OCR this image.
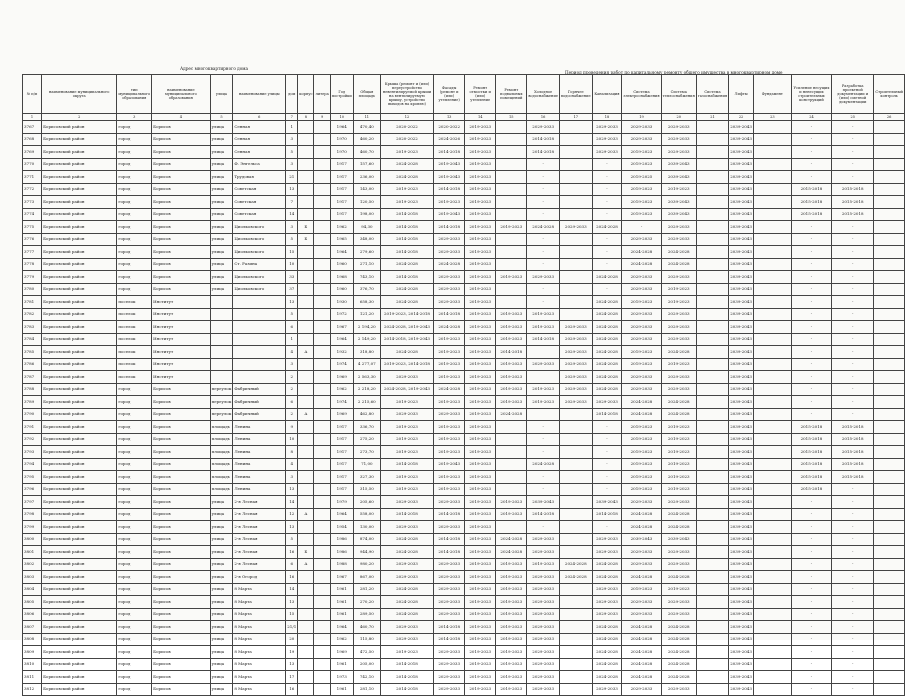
Адрес многоквартирного дома
Период проведения работ по капитальному ремонту общего имущества в многоквартирном доме
№ п/п	наименование муниципального округа	тип муниципального образования	наименование муниципального образования	улица	наименование улицы	дом	корпус	литера	Год постройки	Общая площадь	Крыша (ремонт и (или) переустройство невентилируемой крыши на вентилируемую крышу, устройство выходов на кровлю)	Фасады (ремонт и (или) утепление)	Ремонт отмостки и (или) утепление	Ремонт подвальных помещений	Холодное водоснабжение	Горячее водоснабжение	Канализация	Система электроснабжения	Система теплоснабжения	Система газоснабжения	Лифты	Фундамент	Усиление несущих и ненесущих строительных конструкций	Разработка проектной документации и (или) сметной документации	Строительный контроль
1	2	3	4	5	6	7	8	9	10	11	12	13	14	15	16	17	18	19	20	21	22	23	24	25	26
3767	Борисовский район	город	Борисов	улица	Сенная	1			1964	470,40	2020-2022	2020-2022	2019-2023		2029-2033		2029-2033	2029-2033	2029-2033		2039-2043		-	-	
3768	Борисовский район	город	Борисов	улица	Сенная	3			1970	460,20	2020-2022	2024-2026	2019-2023		2014-2018		2029-2033	2029-2033	2029-2033		2039-2043		-	-	
3769	Борисовский район	город	Борисов	улица	Сенная	5			1970	460,70	2019-2023	2014-2018	2019-2023		2014-2018		2029-2033	2019-2023	2029-2033		2039-2043		-	-	
3770	Борисовский район	город	Борисов	улица	Ф. Энгельса	3			1917	157,60	2024-2028	2019-2043	2019-2023		-		-	2019-2023	2039-2043		2039-2043		-	-	
3771	Борисовский район	город	Борисов	улица	Трудовая	21			1917	236,00	2024-2028	2019-2043	2019-2023		-		-	2019-2025	2039-2043		2039-2043		-	-	
3772	Борисовский район	город	Борисов	улица	Советская	13			1917	143,00	2019-2023	2014-2018	2019-2023		-		-	2019-2023	2019-2023		2039-2043		2015-2018	2015-2018	
3773	Борисовский район	город	Борисов	улица	Советская	7			1917	120,50	2019-2023	2019-2023	2019-2023		-		-	2019-2023	2039-2043		2039-2043		2015-2018	2015-2018	
3774	Борисовский район	город	Борисов	улица	Советская	14			1917	198,00	2014-2018	2019-2043	2019-2023		-		-	2019-2023	2039-2043		2039-2043		2015-2018	2015-2018	
3775	Борисовский район	город	Борисов	улица	Циолковского	3	Б		1962	94,30	2014-2018	2014-2018	2019-2023	2019-2023	2024-2028	2029-2033	2024-2028	-	2029-2033		2039-2043		-	-	
3776	Борисовский район	город	Борисов	улица	Циолковского	5	Б		1965	348,00	2014-2018	2029-2033	2019-2023		-		-	2029-2033	2029-2033		2039-2043		-	-	
3777	Борисовский район	город	Борисов	улица	Циолковского	15			1964	279,60	2014-2018	2029-2033	2019-2023		-		-	2024-2028	2024-2028		2039-2043		-	-	
3778	Борисовский район	город	Борисов	улица	Ст. Разина	10			1960	271,10	2024-2028	2024-2028	2019-2023		-		-	2024-2028	2024-2028		2039-2043		-	-	
3779	Борисовский район	город	Борисов	улица	Циолковского	33			1968	743,10	2014-2018	2029-2033	2019-2023	2019-2023	2029-2033		2024-2028	2029-2033	2029-2033		2039-2043		-	-	
3780	Борисовский район	город	Борисов	улица	Циолковского	37			1960	376,70	2024-2028	2029-2033	2019-2023		-		-	2029-2033	2019-2023		2039-2043		-	-	
3781	Борисовский район	поселок	Институт			13			1930	658,30	2024-2028	2029-2033	2019-2023		-		2024-2028	2019-2023	2019-2023		2039-2043		-	-	
3782	Борисовский район	поселок	Институт			5			1972	121,20	2019-2023, 2014-2018	2014-2018	2019-2023	2019-2023	2019-2023		2024-2028	2029-2033	2029-2033		2039-2043		-	-	
3783	Борисовский район	поселок	Институт			6			1967	2 194,20	2024-2028, 2019-2043	2024-2028	2019-2023	2019-2023	2019-2023	2029-2033	2024-2028	2029-2033	2029-2033		2039-2043		-	-	
3784	Борисовский район	поселок	Институт			1			1964	2 149,20	2014-2018, 2019-2043	2019-2023	2019-2023	2019-2023	2014-2018	2029-2033	2024-2028	2029-2033	2029-2033		2039-2043		-	-	
3785	Борисовский район	поселок	Институт			4	А		1932	318,80	2024-2028	2019-2023	2019-2023	2014-2018		2029-2033	2024-2028	2019-2023	2024-2028		2039-2043		-	-	
3786	Борисовский район	поселок	Институт			3			1974	4 277,07	2019-2023, 2014-2018	2019-2023	2019-2023	2019-2023	2029-2033	2029-2033	2024-2028	2019-2023	2019-2023		2039-2043		-	-	
3787	Борисовский район	поселок	Институт			2			1969	2 563,30	2029-2033	2019-2023	2019-2023	2019-2023		2029-2033	2024-2028	2029-2033	2029-2033		2039-2043		-	-	
3788	Борисовский район	город	Борисов	переулок	Фабричный	2			1962	2 218,20	2024-2028, 2019-2043	2024-2028	2019-2023	2019-2023	2019-2023	2029-2033	2024-2028	2029-2033	2029-2033		2039-2043		-	-	
3789	Борисовский район	город	Борисов	переулок	Фабричный	6			1974	2 215,60	2019-2023	2019-2023	2019-2023	2019-2023	2019-2023	2029-2033	2029-2033	2024-2028	2024-2028		2039-2043		-	-	
3790	Борисовский район	город	Борисов	переулок	Фабричный	2	А		1969	462,80	2029-2033	2029-2033	2019-2023	2024-2028			2014-2018	2024-2028	2024-2028		2039-2043		-	-	
3791	Борисовский район	город	Борисов	площадь	Ленина	9			1917	336,70	2019-2023	2019-2023	2019-2023		-		-	2019-2023	2019-2023		2039-2043		2015-2018	2015-2018	
3792	Борисовский район	город	Борисов	площадь	Ленина	10			1917	275,20	2019-2023	2019-2023	2019-2023		-		-	2019-2023	2019-2023		2039-2043		2015-2018	2015-2018	
3793	Борисовский район	город	Борисов	площадь	Ленина	8			1917	273,70	2019-2023	2019-2023	2019-2023		-		-	2019-2023	2019-2023		2039-2043		2015-2018	2015-2018	
3794	Борисовский район	город	Борисов	площадь	Ленина	4			1917	71,00	2014-2018	2019-2043	2019-2023		2024-2028		-	2019-2023	2019-2023		2039-2043		2015-2018	2015-2018	
3795	Борисовский район	город	Борисов	площадь	Ленина	3			1917	327,30	2019-2023	2019-2023	2019-2023		-		-	2019-2023	2019-2023		2039-2043		2015-2018	2015-2018	
3796	Борисовский район	город	Борисов	площадь	Ленина	13			1917	315,50	2019-2023	2019-2023	2019-2023		-		-	2019-2023	2019-2023		2039-2043		2015-2018	-	
3797	Борисовский район	город	Борисов	улица	2-я Лесная	14			1979	205,60	2029-2033	2029-2033	2019-2023	2019-2023	2039-2043		2039-2043	2029-2033	2029-2033		2039-2043		-	-	
3798	Борисовский район	город	Борисов	улица	2-я Лесная	12	А		1964	558,00	2014-2018	2014-2018	2019-2023	2019-2023	2014-2018		2014-2018	2024-2028	2024-2028		2039-2043		-	-	
3799	Борисовский район	город	Борисов	улица	2-я Лесная	13			1954	130,00	2029-2033	2029-2033	2019-2023		-		-	2024-2028	2024-2028		2039-2043		-	-	
3800	Борисовский район	город	Борисов	улица	2-я Лесная	5			1986	874,00	2024-2028	2014-2018	2019-2023	2024-2028	2029-2033		2029-2033	2039-2043	2039-2043		2039-2043		-	-	
3801	Борисовский район	город	Борисов	улица	2-я Лесная	16	Б		1986	944,90	2024-2028	2014-2018	2019-2023	2024-2028	2029-2033		2029-2033	2029-2033	2029-2033		2039-2043		-	-	
3802	Борисовский район	город	Борисов	улица	2-я Лесная	6	А		1988	980,20	2029-2033	2029-2033	2019-2023	2019-2023	2019-2023	2024-2028	2024-2028	2029-2033	2029-2033		2039-2043		-	-	
3803	Борисовский район	город	Борисов	улица	2-я Огород	16			1967	867,00	2029-2033	2029-2033	2019-2023	2019-2023	2029-2033	2024-2028	2024-2028	2024-2028	2024-2028		2039-2043		-	-	
3804	Борисовский район	город	Борисов	улица	8 Марта	14			1961	281,20	2024-2028	2029-2033	2019-2023	2019-2023	2029-2033		2029-2033	2019-2023	2019-2023		2039-2043		-	-	
3805	Борисовский район	город	Борисов	улица	8 Марта	13			1961	270,20	2024-2028	2029-2033	2019-2023	2019-2023	2029-2033		2029-2033	2029-2033	2029-2033		2039-2043		-	-	
3806	Борисовский район	город	Борисов	улица	8 Марта	15			1961	289,50	2024-2028	2029-2033	2019-2023	2019-2023	2029-2033		2029-2033	2029-2033	2029-2033		2039-2043		-	-	
3807	Борисовский район	город	Борисов	улица	8 Марта	21/1			1964	460,70	2029-2033	2014-2018	2019-2023	2019-2023	2029-2033		2024-2028	2024-2028	2024-2028		2039-2043		-	-	
3808	Борисовский район	город	Борисов	улица	8 Марта	20			1962	115,80	2029-2033	2014-2018	2019-2023	2019-2023	2029-2033		2024-2028	2024-2028	2024-2028		2039-2043		-	-	
3809	Борисовский район	город	Борисов	улица	8 Марта	19			1969	472,50	2019-2023	2029-2033	2019-2023	2019-2023	2029-2033		2024-2028	2024-2028	2024-2028		2039-2043		-	-	
3810	Борисовский район	город	Борисов	улица	8 Марта	13			1961	205,00	2014-2018	2029-2033	2019-2023	2019-2023	2029-2033		2024-2028	2024-2028	2024-2028		2039-2043		-	-	
3811	Борисовский район	город	Борисов	улица	8 Марта	17			1973	742,10	2014-2018	2029-2033	2019-2023	2019-2023	2029-2033		2024-2028	2024-2028	2024-2028		2039-2043		-	-	
3812	Борисовский район	город	Борисов	улица	8 Марта	16			1961	281,10	2014-2018	2029-2033	2019-2023	2019-2023	2029-2033		2029-2033	2029-2033	2029-2033		2039-2043		-	-	
